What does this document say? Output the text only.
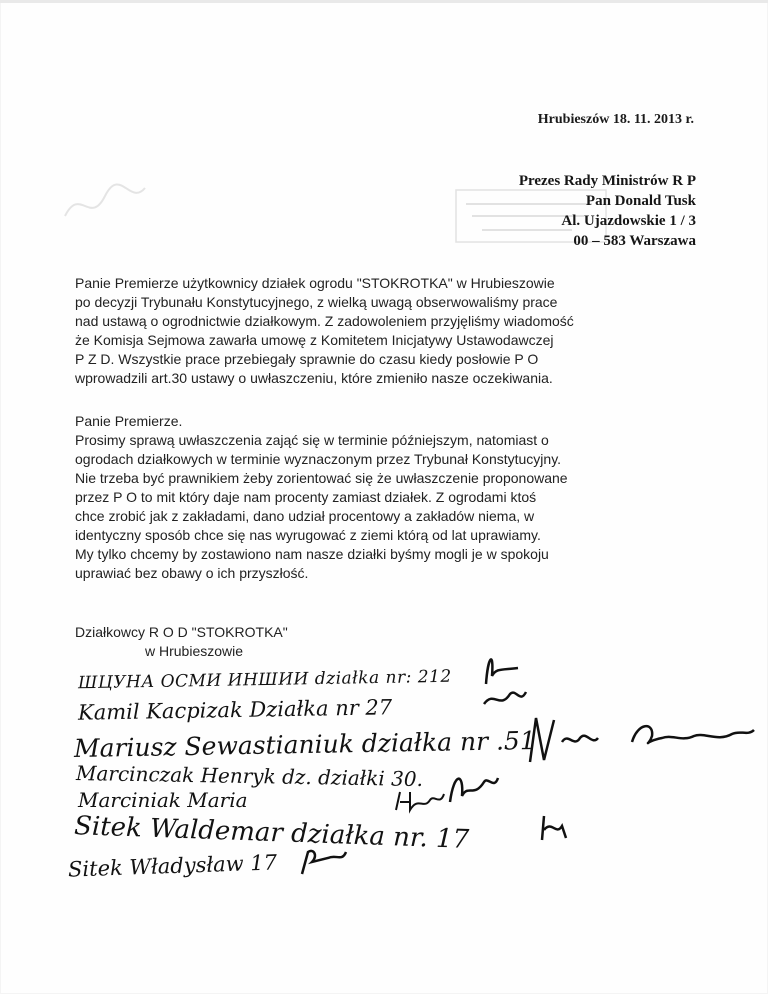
Hrubieszów 18. 11. 2013 r.
Prezes Rady Ministrów R P
Pan Donald Tusk
Al. Ujazdowskie 1 / 3
00 – 583 Warszawa
Panie Premierze użytkownicy działek ogrodu "STOKROTKA" w Hrubieszowie
po decyzji Trybunału Konstytucyjnego, z wielką uwagą obserwowaliśmy prace
nad ustawą o ogrodnictwie działkowym. Z zadowoleniem przyjęliśmy wiadomość
że Komisja Sejmowa zawarła umowę z Komitetem Inicjatywy Ustawodawczej
P Z D. Wszystkie prace przebiegały sprawnie do czasu kiedy posłowie P O
wprowadzili art.30 ustawy o uwłaszczeniu, które zmieniło nasze oczekiwania.
Panie Premierze.
Prosimy sprawą uwłaszczenia zająć się w terminie późniejszym, natomiast o
ogrodach działkowych w terminie wyznaczonym przez Trybunał Konstytucyjny.
Nie trzeba być prawnikiem żeby zorientować się że uwłaszczenie proponowane
przez P O to mit który daje nam procenty zamiast działek. Z ogrodami ktoś
chce zrobić jak z zakładami, dano udział procentowy a zakładów niema, w
identyczny sposób chce się nas wyrugować z ziemi którą od lat uprawiamy.
My tylko chcemy by zostawiono nam nasze działki byśmy mogli je w spokoju
uprawiać bez obawy o ich przyszłość.
Działkowcy R O D "STOKROTKA"
w Hrubieszowie
ШЦУНА ОСМИ ИНШИИ działka nr: 212
Kamil Kacpizak Działka nr 27
Mariusz Sewastianiuk działka nr .51
Marcinczak Henryk dz. działki 30.
Marciniak Maria
Sitek Waldemar działka nr. 17
Sitek Władysław 17
